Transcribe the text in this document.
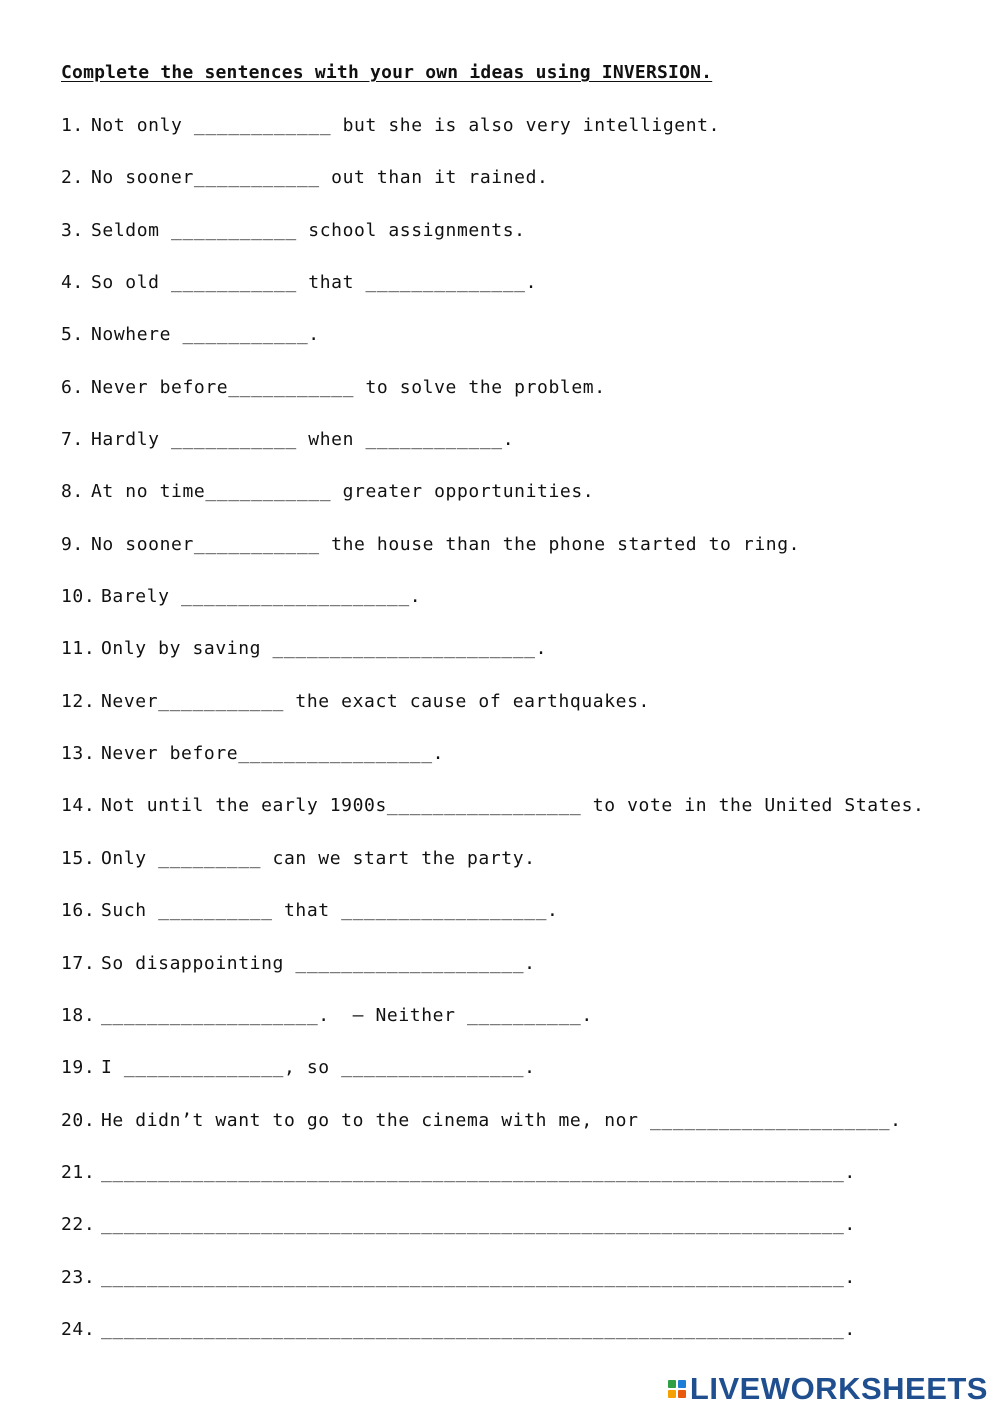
Complete the sentences with your own ideas using INVERSION.
1. Not only ____________ but she is also very intelligent.
2. No sooner___________ out than it rained.
3. Seldom ___________ school assignments.
4. So old ___________ that ______________.
5. Nowhere ___________.
6. Never before___________ to solve the problem.
7. Hardly ___________ when ____________.
8. At no time___________ greater opportunities.
9. No sooner___________ the house than the phone started to ring.
10. Barely ____________________.
11. Only by saving _______________________.
12. Never___________ the exact cause of earthquakes.
13. Never before_________________.
14. Not until the early 1900s_________________ to vote in the United States.
15. Only _________ can we start the party.
16. Such __________ that __________________.
17. So disappointing ____________________.
18. ___________________.  – Neither __________.
19. I ______________, so ________________.
20. He didn’t want to go to the cinema with me, nor _____________________.
21. _________________________________________________________________.
22. _________________________________________________________________.
23. _________________________________________________________________.
24. _________________________________________________________________.
LIVEWORKSHEETS
